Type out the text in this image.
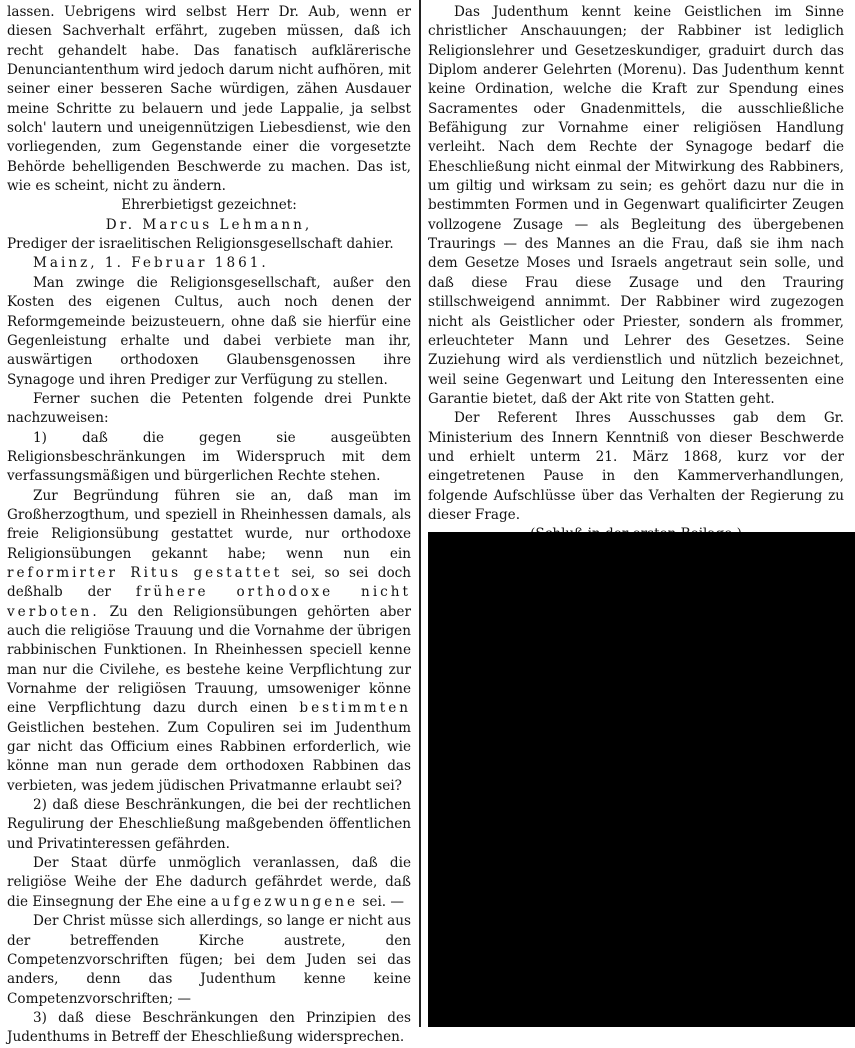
lassen. Uebrigens wird selbst Herr Dr. Aub, wenn er diesen Sachverhalt erfährt, zugeben müssen, daß ich recht gehandelt habe. Das fanatisch aufklärerische Denunciantenthum wird jedoch darum nicht aufhören, mit seiner einer besseren Sache würdigen, zähen Ausdauer meine Schritte zu belauern und jede Lappalie, ja selbst solch' lautern und uneigennützigen Liebesdienst, wie den vorliegenden, zum Gegenstande einer die vorgesetzte Behörde behelligenden Beschwerde zu machen. Das ist, wie es scheint, nicht zu ändern.

Ehrerbietigst gezeichnet:

Dr. Marcus Lehmann,

Prediger der israelitischen Religionsgesellschaft dahier.

Mainz, 1. Februar 1861.

Man zwinge die Religionsgesellschaft, außer den Kosten des eigenen Cultus, auch noch denen der Reformgemeinde beizusteuern, ohne daß sie hierfür eine Gegenleistung erhalte und dabei verbiete man ihr, auswärtigen orthodoxen Glaubensgenossen ihre Synagoge und ihren Prediger zur Verfügung zu stellen.

Ferner suchen die Petenten folgende drei Punkte nachzuweisen:

1) daß die gegen sie ausgeübten Religionsbeschränkungen im Widerspruch mit dem verfassungsmäßigen und bürgerlichen Rechte stehen.

Zur Begründung führen sie an, daß man im Großherzogthum, und speziell in Rheinhessen damals, als freie Religionsübung gestattet wurde, nur orthodoxe Religionsübungen gekannt habe; wenn nun ein reformirter Ritus gestattet sei, so sei doch deßhalb der frühere orthodoxe nicht verboten. Zu den Religionsübungen gehörten aber auch die religiöse Trauung und die Vornahme der übrigen rabbinischen Funktionen. In Rheinhessen speciell kenne man nur die Civilehe, es bestehe keine Verpflichtung zur Vornahme der religiösen Trauung, umsoweniger könne eine Verpflichtung dazu durch einen bestimmten Geistlichen bestehen. Zum Copuliren sei im Judenthum gar nicht das Officium eines Rabbinen erforderlich, wie könne man nun gerade dem orthodoxen Rabbinen das verbieten, was jedem jüdischen Privatmanne erlaubt sei?

2) daß diese Beschränkungen, die bei der rechtlichen Regulirung der Eheschließung maßgebenden öffentlichen und Privatinteressen gefährden.

Der Staat dürfe unmöglich veranlassen, daß die religiöse Weihe der Ehe dadurch gefährdet werde, daß die Einsegnung der Ehe eine aufgezwungene sei. —

Der Christ müsse sich allerdings, so lange er nicht aus der betreffenden Kirche austrete, den Competenzvorschriften fügen; bei dem Juden sei das anders, denn das Judenthum kenne keine Competenzvorschriften; —

3) daß diese Beschränkungen den Prinzipien des Judenthums in Betreff der Eheschließung widersprechen.

Das Judenthum kennt keine Geistlichen im Sinne christlicher Anschauungen; der Rabbiner ist lediglich Religionslehrer und Gesetzeskundiger, graduirt durch das Diplom anderer Gelehrten (Morenu). Das Judenthum kennt keine Ordination, welche die Kraft zur Spendung eines Sacramentes oder Gnadenmittels, die ausschließliche Befähigung zur Vornahme einer religiösen Handlung verleiht. Nach dem Rechte der Synagoge bedarf die Eheschließung nicht einmal der Mitwirkung des Rabbiners, um giltig und wirksam zu sein; es gehört dazu nur die in bestimmten Formen und in Gegenwart qualificirter Zeugen vollzogene Zusage — als Begleitung des übergebenen Traurings — des Mannes an die Frau, daß sie ihm nach dem Gesetze Moses und Israels angetraut sein solle, und daß diese Frau diese Zusage und den Trauring stillschweigend annimmt. Der Rabbiner wird zugezogen nicht als Geistlicher oder Priester, sondern als frommer, erleuchteter Mann und Lehrer des Gesetzes. Seine Zuziehung wird als verdienstlich und nützlich bezeichnet, weil seine Gegenwart und Leitung den Interessenten eine Garantie bietet, daß der Akt rite von Statten geht.

Der Referent Ihres Ausschusses gab dem Gr. Ministerium des Innern Kenntniß von dieser Beschwerde und erhielt unterm 21. März 1868, kurz vor der eingetretenen Pause in den Kammerverhandlungen, folgende Aufschlüsse über das Verhalten der Regierung zu dieser Frage.
